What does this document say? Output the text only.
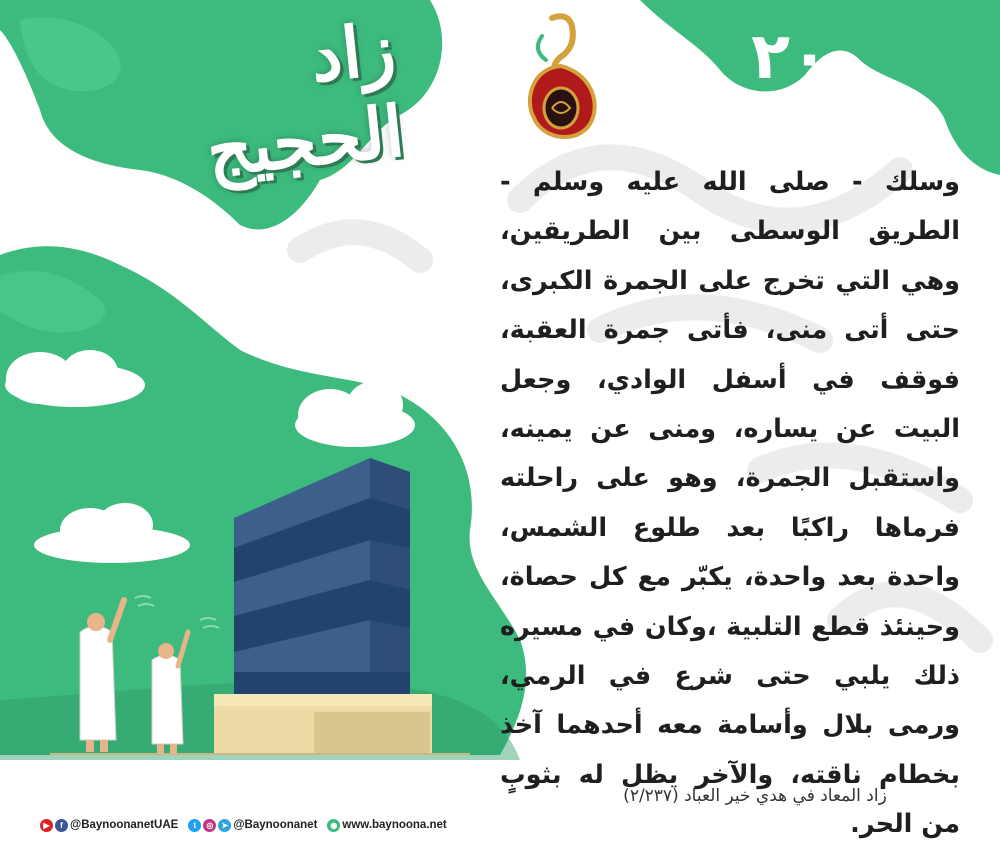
زاد الحجيج
٢٠

وسلك - صلى الله عليه وسلم - الطريق الوسطى بين الطريقين، وهي التي تخرج على الجمرة الكبرى، حتى أتى منى، فأتى جمرة العقبة، فوقف في أسفل الوادي، وجعل البيت عن يساره، ومنى عن يمينه، واستقبل الجمرة، وهو على راحلته فرماها راكبًا بعد طلوع الشمس، واحدة بعد واحدة، يكبّر مع كل حصاة، وحينئذ قطع التلبية ،وكان في مسيره ذلك يلبي حتى شرع في الرمي، ورمى بلال وأسامة معه أحدهما آخذ بخطام ناقته، والآخر يظل له بثوبٍ من الحر.

زاد المعاد في هدي خير العباد (٢/٢٣٧)
▶	f @BaynoonanetUAE	t	◎	➤ @Baynoonanet	◉ www.baynoona.net
